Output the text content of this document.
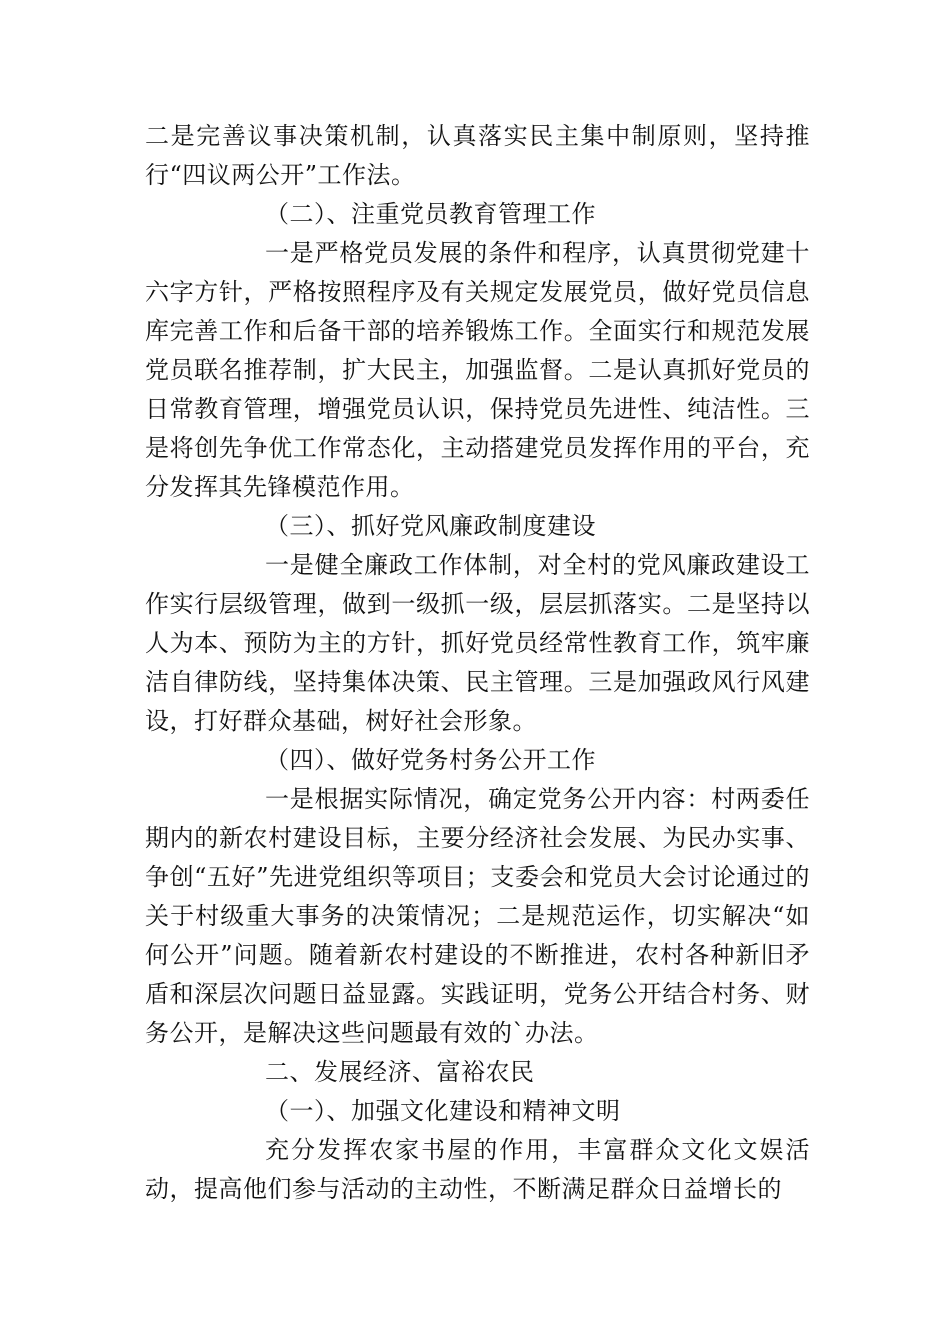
二是完善议事决策机制，认真落实民主集中制原则，坚持推行“四议两公开”工作法。

（二）、注重党员教育管理工作

一是严格党员发展的条件和程序，认真贯彻党建十六字方针，严格按照程序及有关规定发展党员，做好党员信息库完善工作和后备干部的培养锻炼工作。全面实行和规范发展党员联名推荐制，扩大民主，加强监督。二是认真抓好党员的日常教育管理，增强党员认识，保持党员先进性、纯洁性。三是将创先争优工作常态化，主动搭建党员发挥作用的平台，充分发挥其先锋模范作用。

（三）、抓好党风廉政制度建设

一是健全廉政工作体制，对全村的党风廉政建设工作实行层级管理，做到一级抓一级，层层抓落实。二是坚持以人为本、预防为主的方针，抓好党员经常性教育工作，筑牢廉洁自律防线，坚持集体决策、民主管理。三是加强政风行风建设，打好群众基础，树好社会形象。

（四）、做好党务村务公开工作

一是根据实际情况，确定党务公开内容：村两委任期内的新农村建设目标，主要分经济社会发展、为民办实事、争创“五好”先进党组织等项目；支委会和党员大会讨论通过的关于村级重大事务的决策情况；二是规范运作，切实解决“如何公开”问题。随着新农村建设的不断推进，农村各种新旧矛盾和深层次问题日益显露。实践证明，党务公开结合村务、财务公开，是解决这些问题最有效的`办法。

二、发展经济、富裕农民

（一）、加强文化建设和精神文明

充分发挥农家书屋的作用，丰富群众文化文娱活动，提高他们参与活动的主动性，不断满足群众日益增长的
